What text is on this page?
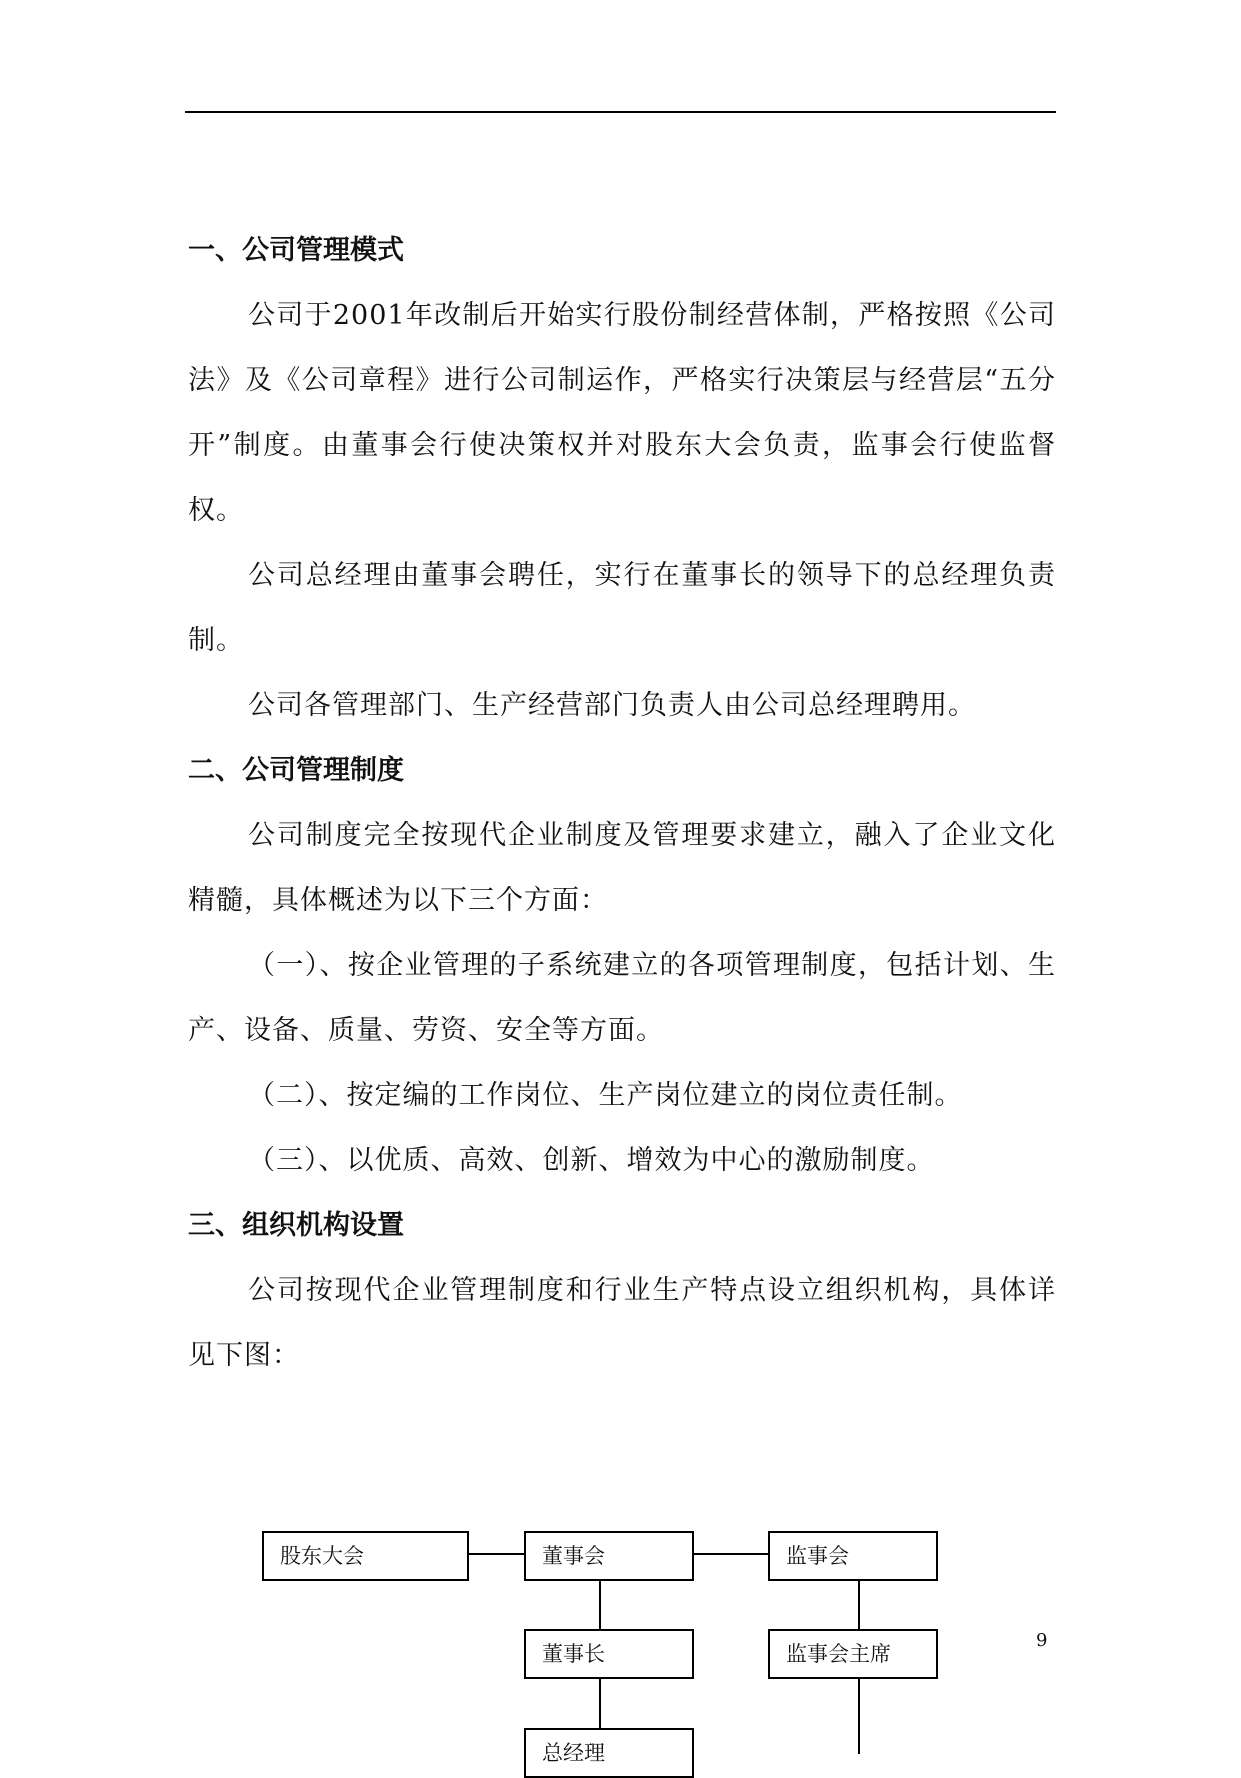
一、公司管理模式

公司于2001年改制后开始实行股份制经营体制，严格按照《公司法》及《公司章程》进行公司制运作，严格实行决策层与经营层“五分开”制度。由董事会行使决策权并对股东大会负责，监事会行使监督权。

公司总经理由董事会聘任，实行在董事长的领导下的总经理负责制。

公司各管理部门、生产经营部门负责人由公司总经理聘用。

二、公司管理制度

公司制度完全按现代企业制度及管理要求建立，融入了企业文化精髓，具体概述为以下三个方面：

（一）、按企业管理的子系统建立的各项管理制度，包括计划、生产、设备、质量、劳资、安全等方面。

（二）、按定编的工作岗位、生产岗位建立的岗位责任制。

（三）、以优质、高效、创新、增效为中心的激励制度。

三、组织机构设置

公司按现代企业管理制度和行业生产特点设立组织机构，具体详见下图：

股东大会	董事会	监事会
董事长	监事会主席
总经理
9
